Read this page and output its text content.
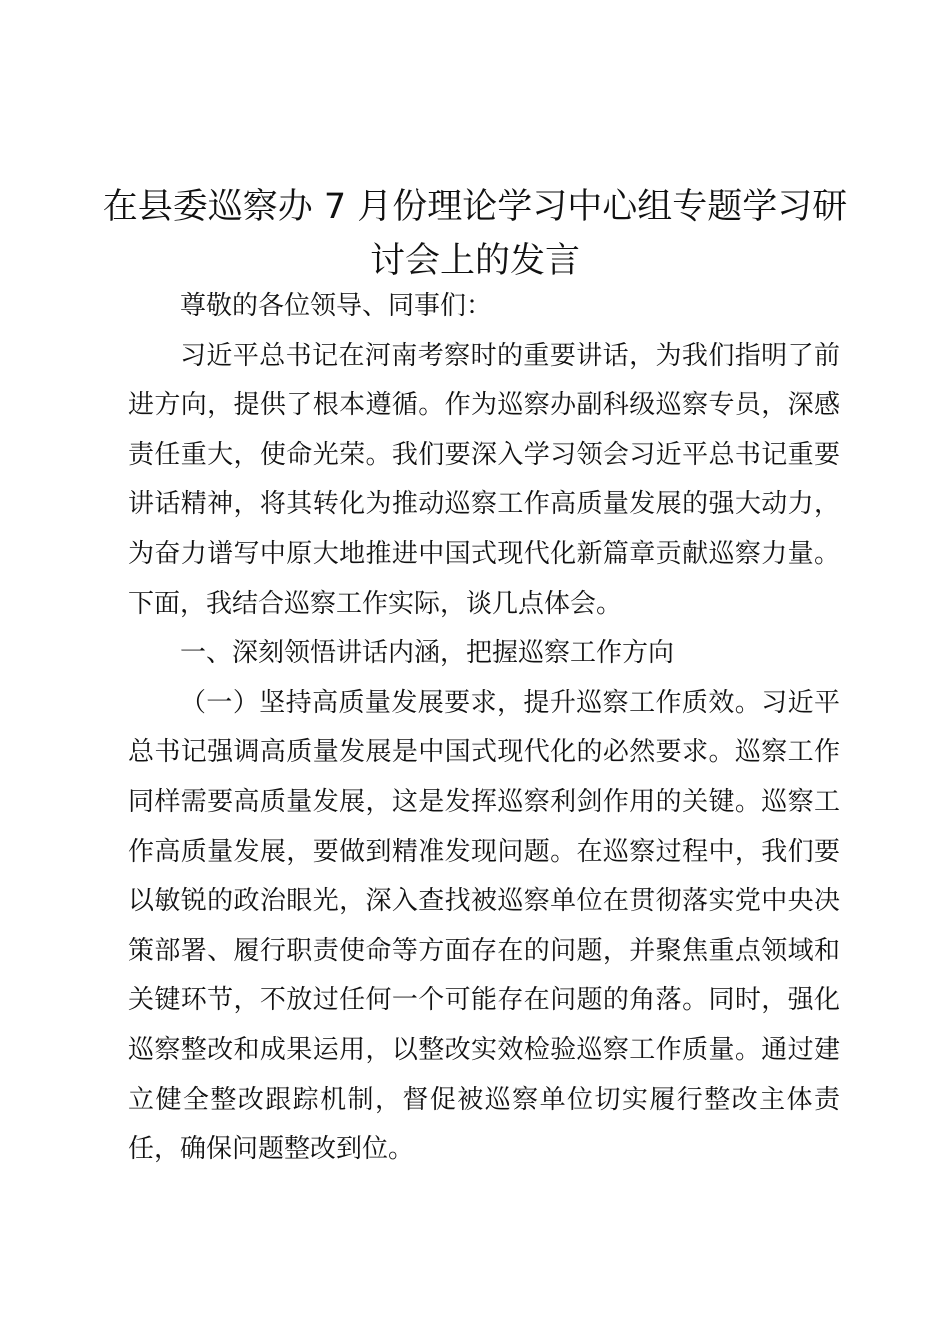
在县委巡察办 7 月份理论学习中心组专题学习研讨会上的发言

尊敬的各位领导、同事们：

习近平总书记在河南考察时的重要讲话，为我们指明了前进方向，提供了根本遵循。作为巡察办副科级巡察专员，深感责任重大，使命光荣。我们要深入学习领会习近平总书记重要讲话精神，将其转化为推动巡察工作高质量发展的强大动力，为奋力谱写中原大地推进中国式现代化新篇章贡献巡察力量。下面，我结合巡察工作实际，谈几点体会。

一、深刻领悟讲话内涵，把握巡察工作方向

（一）坚持高质量发展要求，提升巡察工作质效。习近平总书记强调高质量发展是中国式现代化的必然要求。巡察工作同样需要高质量发展，这是发挥巡察利剑作用的关键。巡察工作高质量发展，要做到精准发现问题。在巡察过程中，我们要以敏锐的政治眼光，深入查找被巡察单位在贯彻落实党中央决策部署、履行职责使命等方面存在的问题，并聚焦重点领域和关键环节，不放过任何一个可能存在问题的角落。同时，强化巡察整改和成果运用，以整改实效检验巡察工作质量。通过建立健全整改跟踪机制，督促被巡察单位切实履行整改主体责任，确保问题整改到位。
